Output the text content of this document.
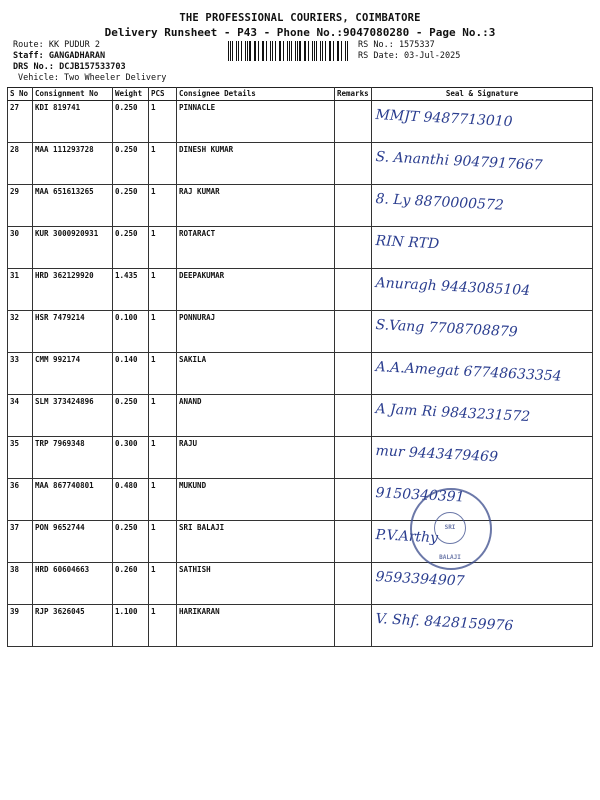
THE PROFESSIONAL COURIERS, COIMBATORE
Delivery Runsheet - P43 - Phone No.:9047080280 - Page No.:3
Route: KK PUDUR 2
Staff: GANGADHARAN
DRS No.: DCJB157533703
Vehicle: Two Wheeler Delivery
RS No.: 1575337
RS Date: 03-Jul-2025
S No	Consignment No	Weight	PCS	Consignee Details	Remarks	Seal & Signature
27	KDI 819741	0.250	1	PINNACLE		MMJT 9487713010

28	MAA 111293728	0.250	1	DINESH KUMAR		S. Ananthi 9047917667

29	MAA 651613265	0.250	1	RAJ KUMAR		8. Ly 8870000572

30	KUR 3000920931	0.250	1	ROTARACT		RIN RTD

31	HRD 362129920	1.435	1	DEEPAKUMAR		Anuragh 9443085104

32	HSR 7479214	0.100	1	PONNURAJ		S.Vang 7708708879

33	CMM 992174	0.140	1	SAKILA		A.A.Amegat 67748633354

34	SLM 373424896	0.250	1	ANAND		A Jam Ri 9843231572

35	TRP 7969348	0.300	1	RAJU		mur 9443479469

36	MAA 867740801	0.480	1	MUKUND		9150340391

37	PON 9652744	0.250	1	SRI BALAJI		P.V.Arthy

38	HRD 60604663	0.260	1	SATHISH		9593394907

39	RJP 3626045	1.100	1	HARIKARAN		V. Shf. 8428159976
SRI BALAJI
